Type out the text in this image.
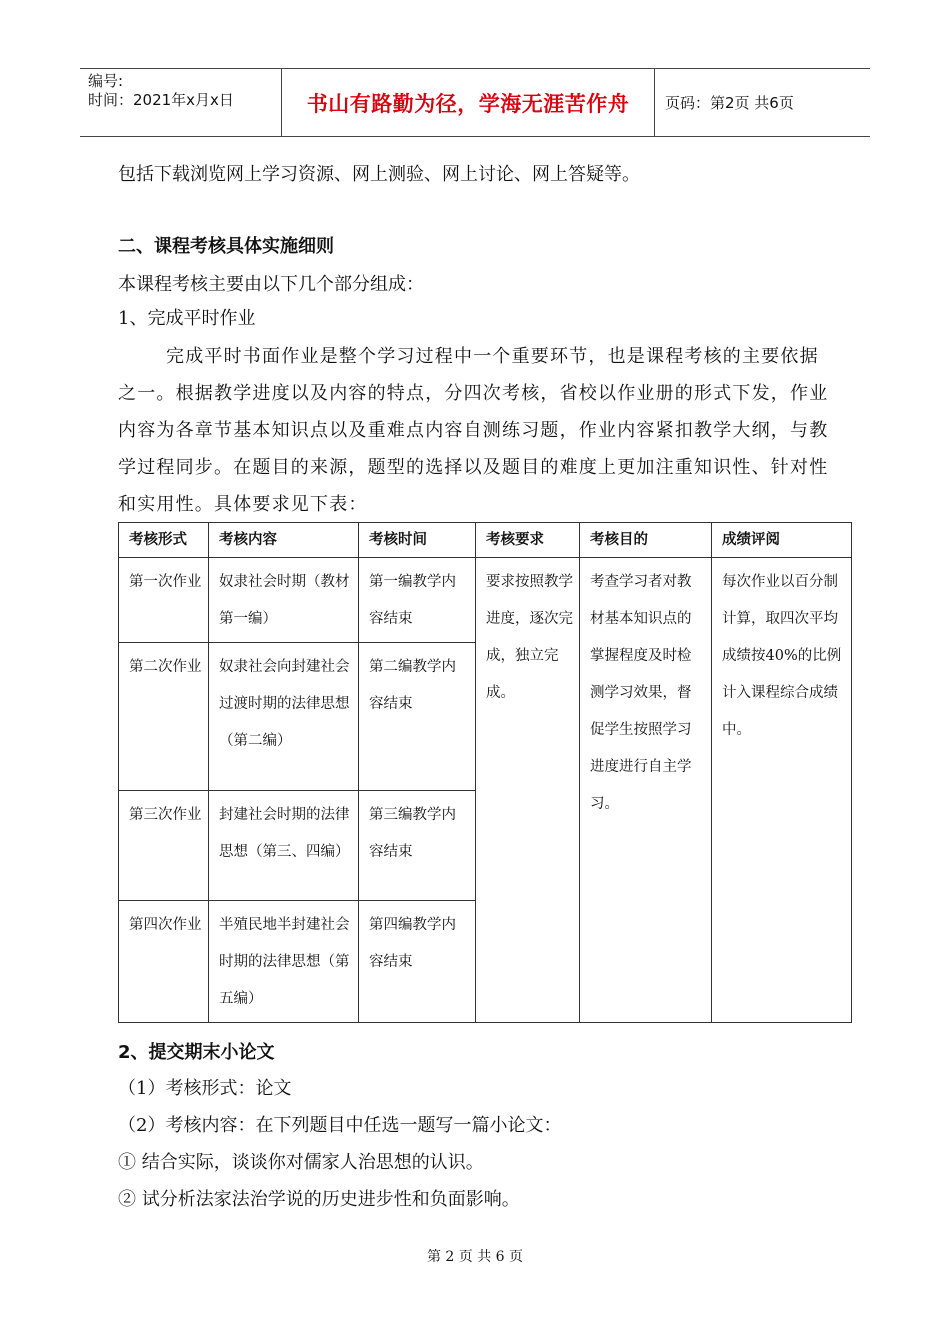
编号:
时间：2021年x月x日	书山有路勤为径，学海无涯苦作舟	页码：第2页 共6页
包括下载浏览网上学习资源、网上测验、网上讨论、网上答疑等。
二、课程考核具体实施细则
本课程考核主要由以下几个部分组成：
1、完成平时作业
完成平时书面作业是整个学习过程中一个重要环节，也是课程考核的主要依据
之一。根据教学进度以及内容的特点，分四次考核，省校以作业册的形式下发，作业
内容为各章节基本知识点以及重难点内容自测练习题，作业内容紧扣教学大纲，与教
学过程同步。在题目的来源，题型的选择以及题目的难度上更加注重知识性、针对性
和实用性。具体要求见下表：
考核形式	考核内容	考核时间	考核要求	考核目的	成绩评阅
第一次作业	奴隶社会时期（教材第一编）	第一编教学内容结束	要求按照教学进度，逐次完成，独立完成。	考查学习者对教材基本知识点的掌握程度及时检测学习效果，督促学生按照学习进度进行自主学习。	每次作业以百分制计算，取四次平均成绩按40%的比例计入课程综合成绩中。
第二次作业	奴隶社会向封建社会过渡时期的法律思想（第二编）	第二编教学内容结束			
第三次作业	封建社会时期的法律思想（第三、四编）	第三编教学内容结束			
第四次作业	半殖民地半封建社会时期的法律思想（第五编）	第四编教学内容结束			
2、提交期末小论文
（1）考核形式：论文
（2）考核内容：在下列题目中任选一题写一篇小论文：
① 结合实际，谈谈你对儒家人治思想的认识。
② 试分析法家法治学说的历史进步性和负面影响。
第 2 页 共 6 页
